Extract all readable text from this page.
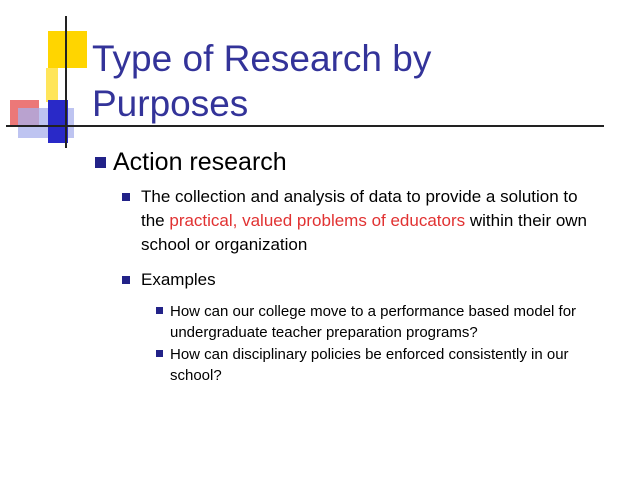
Type of Research by
Purposes
Action research
The collection and analysis of data to provide a solution to the practical, valued problems of educators within their own school or organization
Examples
How can our college move to a performance based model for undergraduate teacher preparation programs?
How can disciplinary policies be enforced consistently in our school?
